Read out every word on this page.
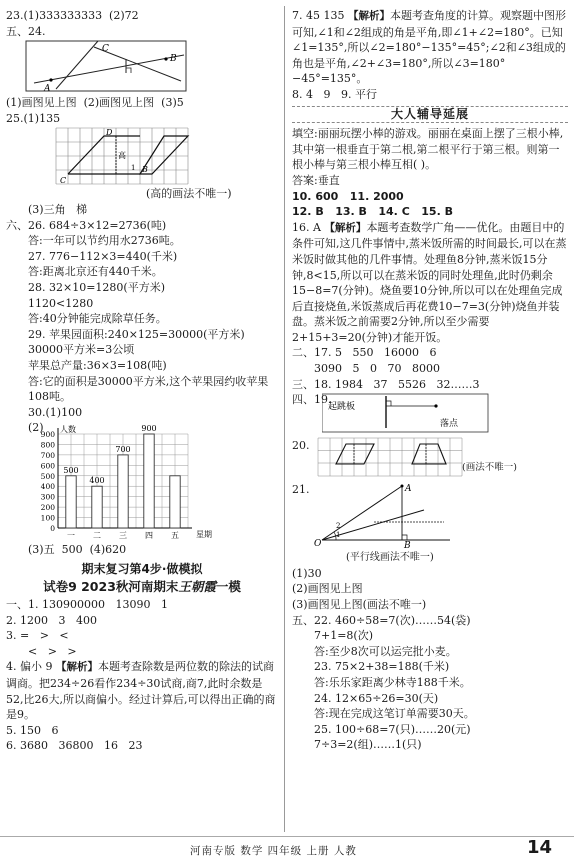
23.(1)333333333  (2)72
五、24.
A
B
C
(1)画图见上图  (2)画图见上图  (3)5
25.(1)135
D
C
B
高
1
(高的画法不唯一)
(3)三角   梯
六、26. 684÷3×12=2736(吨)
答:一年可以节约用水2736吨。
27. 776−112×3=440(千米)
答:距离北京还有440千米。
28. 32×10=1280(平方米)
1120<1280
答:40分钟能完成除草任务。
29. 苹果园面积:240×125=30000(平方米)
30000平方米=3公顷
苹果总产量:36×3=108(吨)
答:它的面积是30000平方米,这个苹果园约收苹果108吨。
30.(1)100
(2)
0
100
200
300
400
500
600
700
800
900
人数
星期
500
一
400
二
700
三
900
四 五
(3)五  500  (4)620
期末复习第4步·做模拟
试卷9 2023秋河南期末王朝霞一模
一、1. 130900000   13090   1
2. 1200   3   400
3. =   >   <
<   >   >
4. 偏小 9 【解析】本题考查除数是两位数的除法的试商调商。把234÷26看作234÷30试商,商7,此时余数是52,比26大,所以商偏小。经过计算后,可以得出正确的商是9。
5. 150   6
6. 3680   36800   16   23
7. 45 135 【解析】本题考查角度的计算。观察题中图形可知,∠1和∠2组成的角是平角,即∠1+∠2=180°。已知∠1=135°,所以∠2=180°−135°=45°;∠2和∠3组成的角也是平角,∠2+∠3=180°,所以∠3=180°−45°=135°。
8. 4   9   9. 平行
大人辅导延展
填空:丽丽玩摆小棒的游戏。丽丽在桌面上摆了三根小棒,其中第一根垂直于第二根,第二根平行于第三根。则第一根小棒与第三根小棒互相( )。
答案:垂直
10. 600   11. 2000
12. B   13. B   14. C   15. B
16. A 【解析】本题考查数学广角——优化。由题目中的条件可知,这几件事情中,蒸米饭所需的时间最长,可以在蒸米饭时做其他的几件事情。处理鱼8分钟,蒸米饭15分钟,8<15,所以可以在蒸米饭的同时处理鱼,此时仍剩余15−8=7(分钟)。烧鱼要10分钟,所以可以在处理鱼完成后直接烧鱼,米饭蒸成后再花费10−7=3(分钟)烧鱼并装盘。蒸米饭之前需要2分钟,所以至少需要2+15+3=20(分钟)才能开饭。
二、17. 5   550   16000   6
3090   5   0   70   8000
三、18. 1984   37   5526   32……3
四、19.
起跳板
落点
20.
(画法不唯一)
21.
O
A
B
1
2
(平行线画法不唯一)
(1)30
(2)画图见上图
(3)画图见上图(画法不唯一)
五、22. 460÷58=7(次)……54(袋)
7+1=8(次)
答:至少8次可以运完批小麦。
23. 75×2+38=188(千米)
答:乐乐家距离少林寺188千米。
24. 12×65÷26=30(天)
答:现在完成这笔订单需要30天。
25. 100÷68=7(只)……20(元)
7÷3=2(组)……1(只)
河南专版 数学 四年级 上册 人教	14
